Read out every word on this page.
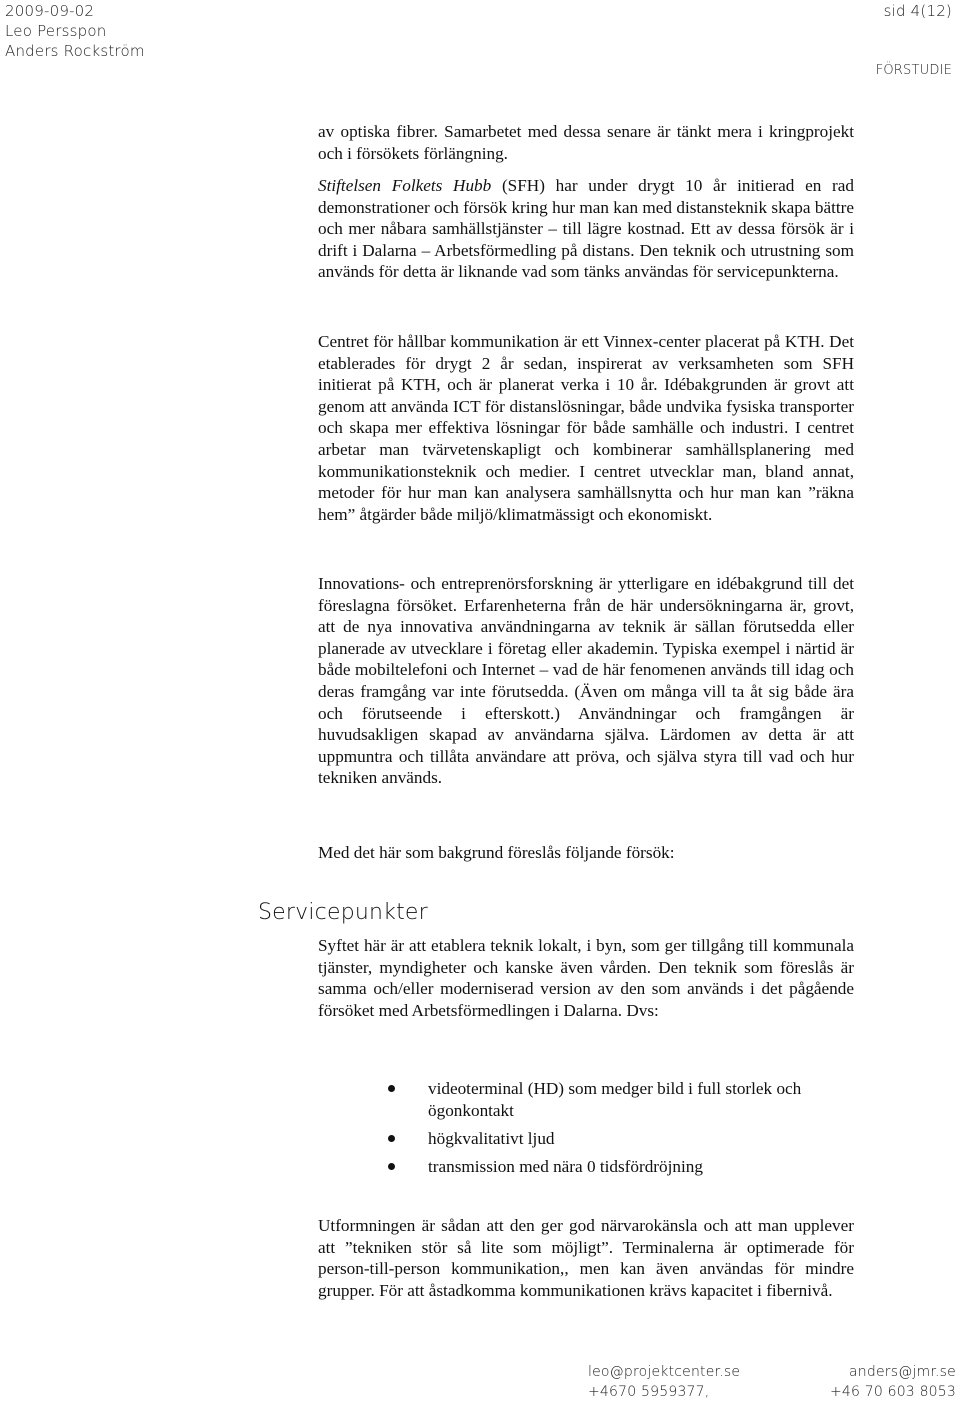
2009-09-02
Leo Persspon
Anders Rockström
sid 4(12)
FÖRSTUDIE

av optiska fibrer. Samarbetet med dessa senare är tänkt mera i kringprojekt och i försökets förlängning.

Stiftelsen Folkets Hubb (SFH) har under drygt 10 år initierad en rad demonstrationer och försök kring hur man kan med distansteknik skapa bättre och mer nåbara samhällstjänster – till lägre kostnad. Ett av dessa försök är i drift i Dalarna – Arbetsförmedling på distans. Den teknik och utrustning som används för detta är liknande vad som tänks användas för servicepunkterna.

Centret för hållbar kommunikation är ett Vinnex-center placerat på KTH. Det etablerades för drygt 2 år sedan, inspirerat av verksamheten som SFH initierat på KTH, och är planerat verka i 10 år. Idébakgrunden är grovt att genom att använda ICT för distanslösningar, både undvika fysiska transporter och skapa mer effektiva lösningar för både samhälle och industri. I centret arbetar man tvärvetenskapligt och kombinerar samhällsplanering med kommunikationsteknik och medier. I centret utvecklar man, bland annat, metoder för hur man kan analysera samhällsnytta och hur man kan ”räkna hem” åtgärder både miljö/klimatmässigt och ekonomiskt.

Innovations- och entreprenörsforskning är ytterligare en idébakgrund till det föreslagna försöket. Erfarenheterna från de här undersökningarna är, grovt, att de nya innovativa användningarna av teknik är sällan förutsedda eller planerade av utvecklare i företag eller akademin. Typiska exempel i närtid är både mobiltelefoni och Internet – vad de här fenomenen används till idag och deras framgång var inte förutsedda. (Även om många vill ta åt sig både ära och förutseende i efterskott.) Användningar och framgången är huvudsakligen skapad av användarna själva. Lärdomen av detta är att uppmuntra och tillåta användare att pröva, och själva styra till vad och hur tekniken används.

Med det här som bakgrund föreslås följande försök:

Servicepunkter

Syftet här är att etablera teknik lokalt, i byn, som ger tillgång till kommunala tjänster, myndigheter och kanske även vården. Den teknik som föreslås är samma och/eller moderniserad version av den som används i det pågående försöket med Arbetsförmedlingen i Dalarna. Dvs:

videoterminal (HD) som medger bild i full storlek och ögonkontakt
högkvalitativt ljud
transmission med nära 0 tidsfördröjning

Utformningen är sådan att den ger god närvarokänsla och att man upplever att ”tekniken stör så lite som möjligt”. Terminalerna är optimerade för person-till-person kommunikation,, men kan även användas för mindre grupper. För att åstadkomma kommunikationen krävs kapacitet i fibernivå.

leo@projektcenter.se
+4670 5959377,
anders@jmr.se
+46 70 603 8053
